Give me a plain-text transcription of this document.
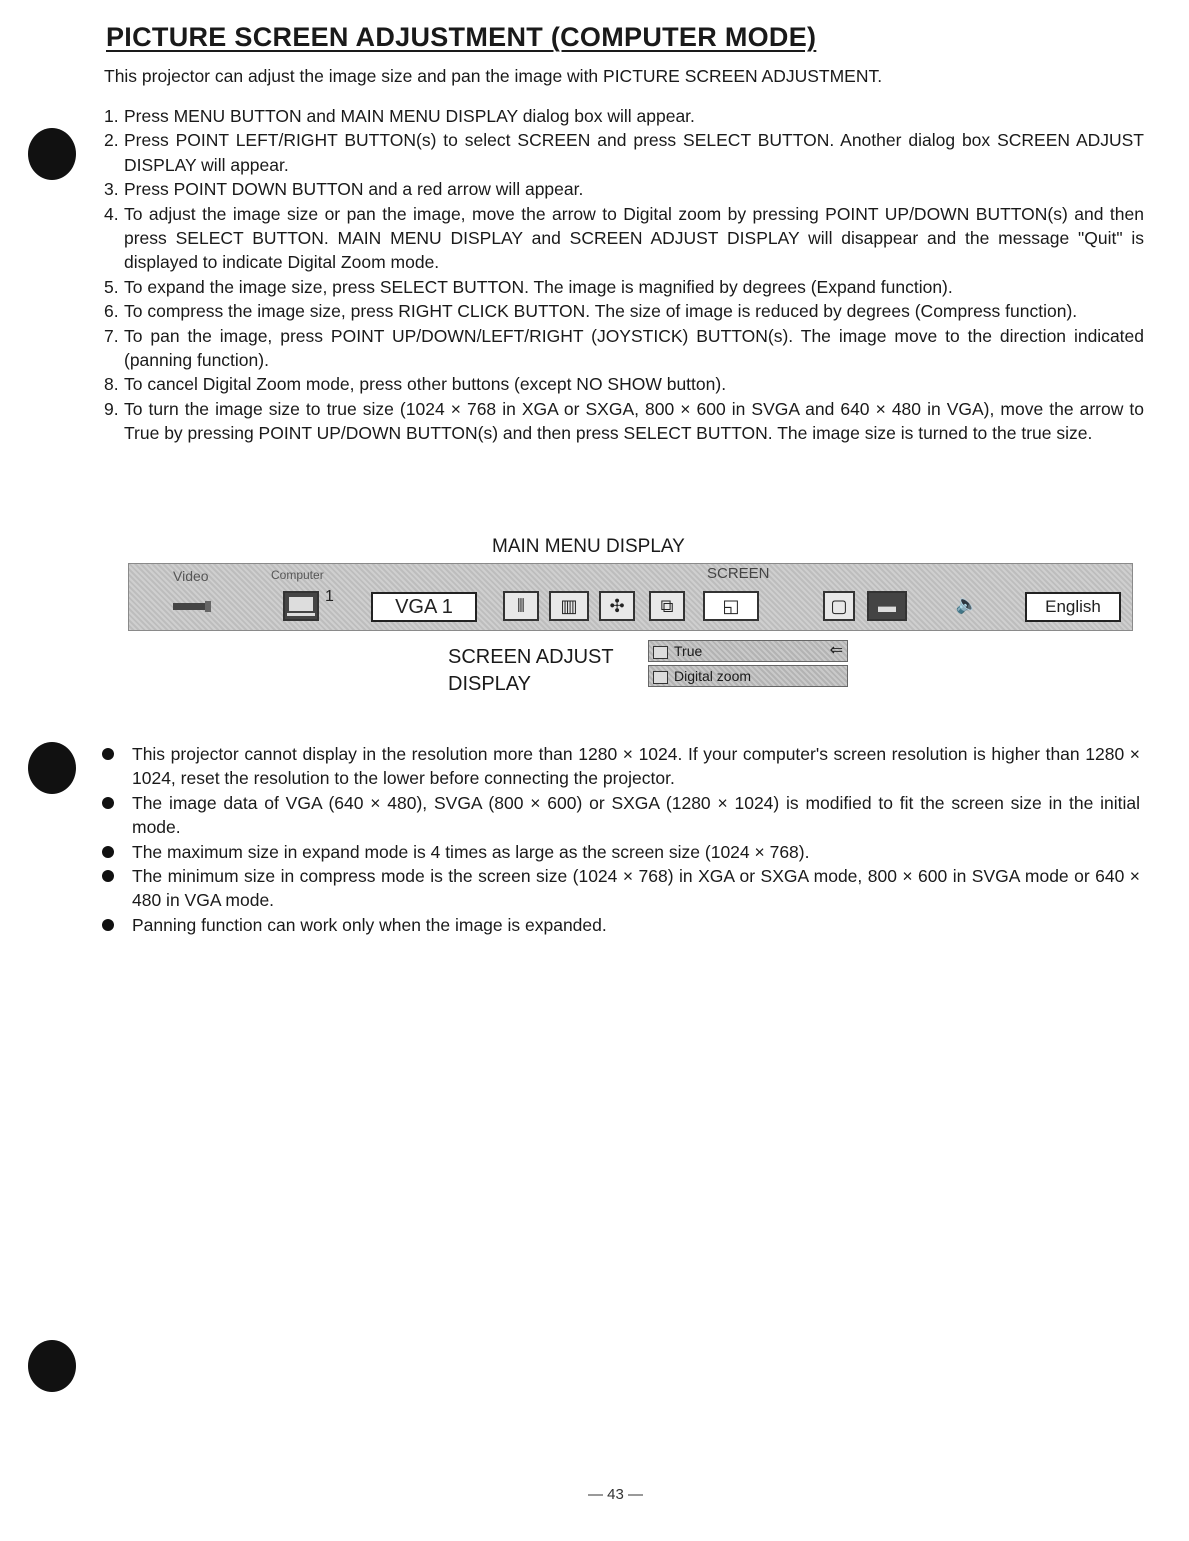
PICTURE SCREEN ADJUSTMENT (COMPUTER MODE)
This projector can adjust the image size and pan the image with PICTURE SCREEN ADJUSTMENT.
1. Press MENU BUTTON and MAIN MENU DISPLAY dialog box will appear.
2. Press POINT LEFT/RIGHT BUTTON(s) to select SCREEN and press SELECT BUTTON. Another dialog box SCREEN ADJUST DISPLAY will appear.
3. Press POINT DOWN BUTTON and a red arrow will appear.
4. To adjust the image size or pan the image, move the arrow to Digital zoom by pressing POINT UP/DOWN BUTTON(s) and then press SELECT BUTTON. MAIN MENU DISPLAY and SCREEN ADJUST DISPLAY will disappear and the message "Quit" is displayed to indicate Digital Zoom mode.
5. To expand the image size, press SELECT BUTTON. The image is magnified by degrees (Expand function).
6. To compress the image size, press RIGHT CLICK BUTTON. The size of image is reduced by degrees (Compress function).
7. To pan the image, press POINT UP/DOWN/LEFT/RIGHT (JOYSTICK) BUTTON(s). The image move to the direction indicated (panning function).
8. To cancel Digital Zoom mode, press other buttons (except NO SHOW button).
9. To turn the image size to true size (1024 × 768 in XGA or SXGA, 800 × 600 in SVGA and 640 × 480 in VGA), move the arrow to True by pressing POINT UP/DOWN BUTTON(s) and then press SELECT BUTTON. The image size is turned to the true size.
MAIN MENU DISPLAY
Video	Computer	SCREEN
1	VGA 1	⦀	▥	✣	⧉	◱	▢	▬	🔈	English
SCREEN ADJUST
DISPLAY
True	⇐
Digital zoom
This projector cannot display in the resolution more than 1280 × 1024. If your computer's screen resolution is higher than 1280 × 1024, reset the resolution to the lower before connecting the projector.
The image data of VGA (640 × 480), SVGA (800 × 600) or SXGA (1280 × 1024) is modified to fit the screen size in the initial mode.
The maximum size in expand mode is 4 times as large as the screen size (1024 × 768).
The minimum size in compress mode is the screen size (1024 × 768) in XGA or SXGA mode, 800 × 600 in SVGA mode or 640 × 480 in VGA mode.
Panning function can work only when the image is expanded.
— 43 —
